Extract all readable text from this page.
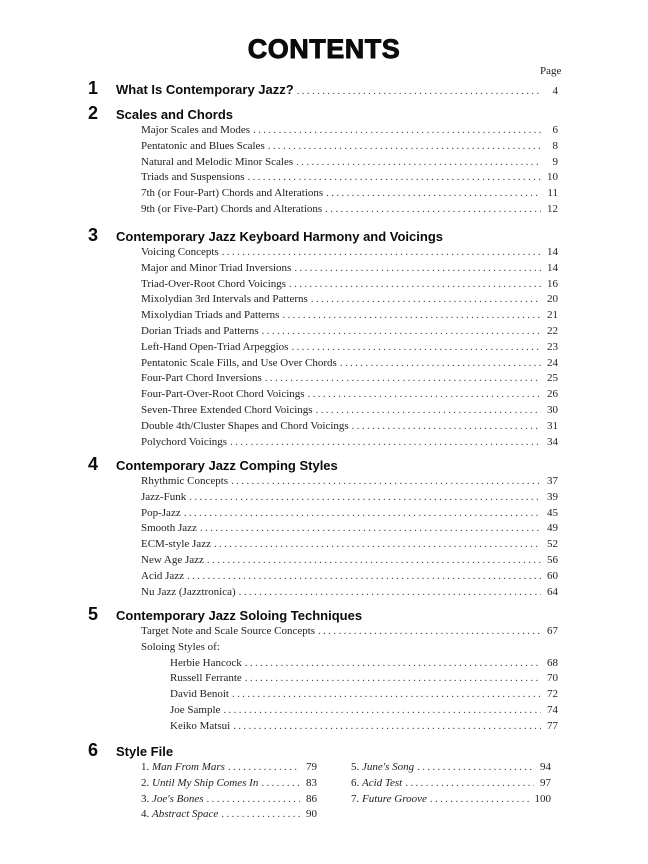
CONTENTS
Page
1	What Is Contemporary Jazz? . . .	4
2	Scales and Chords
Major Scales and Modes . . .	6
Pentatonic and Blues Scales . . .	8
Natural and Melodic Minor Scales . . .	9
Triads and Suspensions . . .	10
7th (or Four-Part) Chords and Alterations . . .	11
9th (or Five-Part) Chords and Alterations . . .	12
3	Contemporary Jazz Keyboard Harmony and Voicings
Voicing Concepts . . .	14
Major and Minor Triad Inversions . . .	14
Triad-Over-Root Chord Voicings . . .	16
Mixolydian 3rd Intervals and Patterns . . .	20
Mixolydian Triads and Patterns . . .	21
Dorian Triads and Patterns . . .	22
Left-Hand Open-Triad Arpeggios . . .	23
Pentatonic Scale Fills, and Use Over Chords . . .	24
Four-Part Chord Inversions . . .	25
Four-Part-Over-Root Chord Voicings . . .	26
Seven-Three Extended Chord Voicings . . .	30
Double 4th/Cluster Shapes and Chord Voicings . . .	31
Polychord Voicings . . .	34
4	Contemporary Jazz Comping Styles
Rhythmic Concepts . . .	37
Jazz-Funk . . .	39
Pop-Jazz . . .	45
Smooth Jazz . . .	49
ECM-style Jazz . . .	52
New Age Jazz . . .	56
Acid Jazz . . .	60
Nu Jazz (Jazztronica) . . .	64
5	Contemporary Jazz Soloing Techniques
Target Note and Scale Source Concepts . . .	67
Soloing Styles of:
Herbie Hancock . . .	68
Russell Ferrante . . .	70
David Benoit . . .	72
Joe Sample . . .	74
Keiko Matsui . . .	77
6	Style File
1. Man From Mars . . .	79
2. Until My Ship Comes In . . .	83
3. Joe's Bones . . .	86
4. Abstract Space . . .	90
5. June's Song . . .	94
6. Acid Test . . .	97
7. Future Groove . . .	100
